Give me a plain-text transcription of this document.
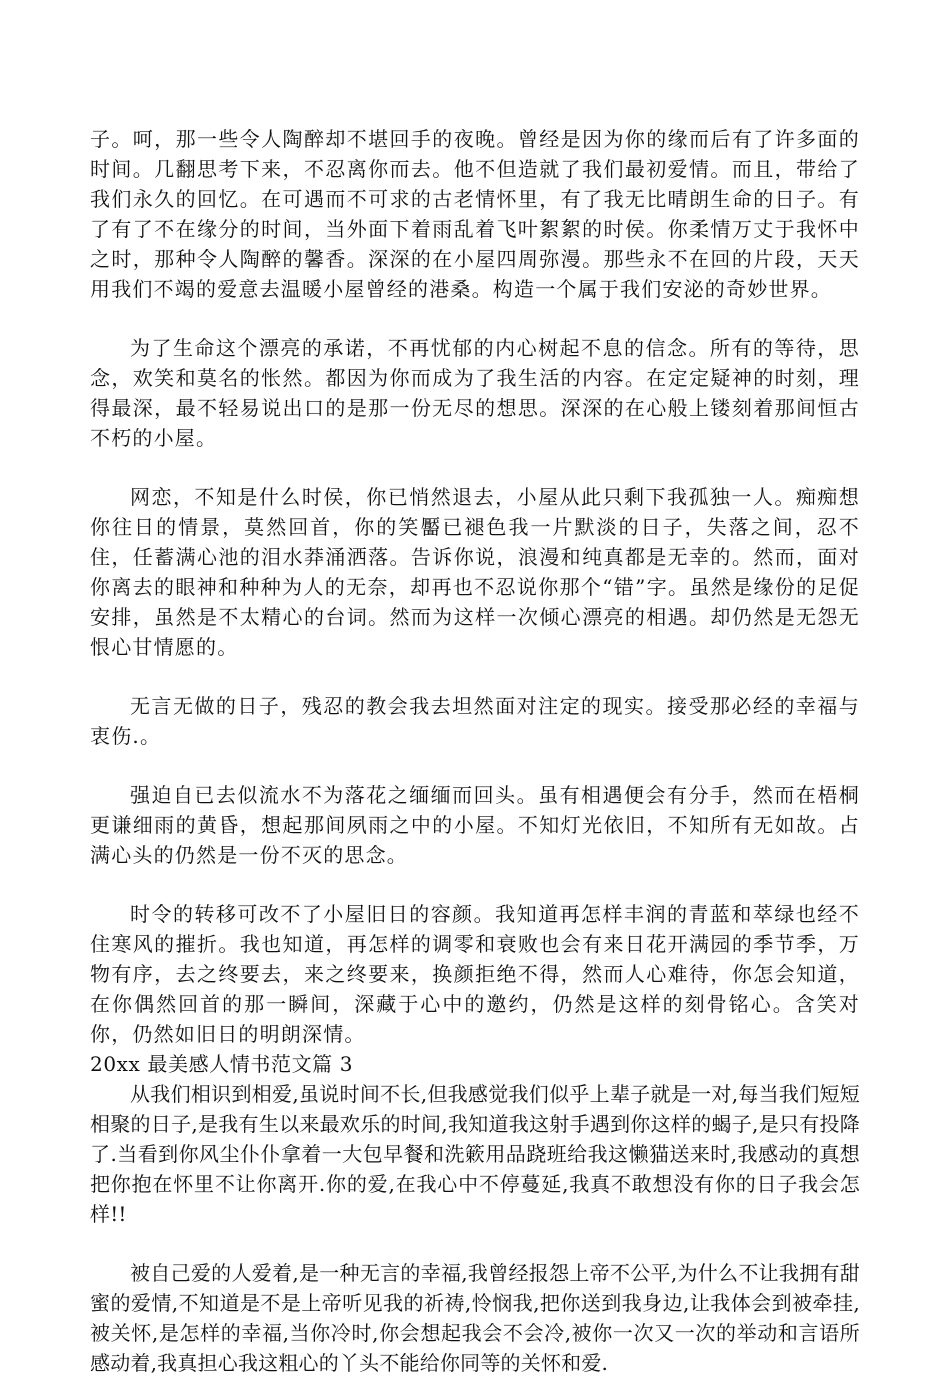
子。呵，那一些令人陶醉却不堪回手的夜晚。曾经是因为你的缘而后有了许多面的时间。几翻思考下来，不忍离你而去。他不但造就了我们最初爱情。而且，带给了我们永久的回忆。在可遇而不可求的古老情怀里，有了我无比晴朗生命的日子。有了有了不在缘分的时间，当外面下着雨乱着飞叶絮絮的时侯。你柔情万丈于我怀中之时，那种令人陶醉的馨香。深深的在小屋四周弥漫。那些永不在回的片段，天天用我们不竭的爱意去温暖小屋曾经的港桑。构造一个属于我们安泌的奇妙世界。

为了生命这个漂亮的承诺，不再忧郁的内心树起不息的信念。所有的等待，思念，欢笑和莫名的怅然。都因为你而成为了我生活的内容。在定定疑神的时刻，理得最深，最不轻易说出口的是那一份无尽的想思。深深的在心般上镂刻着那间恒古不朽的小屋。

网恋，不知是什么时侯，你已悄然退去，小屋从此只剩下我孤独一人。痴痴想你往日的情景，莫然回首，你的笑靨已褪色我一片默淡的日子，失落之间，忍不住，任蓄满心池的泪水莽涌洒落。告诉你说，浪漫和纯真都是无幸的。然而，面对你离去的眼神和种种为人的无奈，却再也不忍说你那个“错”字。虽然是缘份的足促安排，虽然是不太精心的台词。然而为这样一次倾心漂亮的相遇。却仍然是无怨无恨心甘情愿的。

无言无做的日子，残忍的教会我去坦然面对注定的现实。接受那必经的幸福与衷伤.。

强迫自已去似流水不为落花之缅缅而回头。虽有相遇便会有分手，然而在梧桐更谦细雨的黄昏，想起那间夙雨之中的小屋。不知灯光依旧，不知所有无如故。占满心头的仍然是一份不灭的思念。

时令的转移可改不了小屋旧日的容颜。我知道再怎样丰润的青蓝和萃绿也经不住寒风的摧折。我也知道，再怎样的调零和衰败也会有来日花开满园的季节季，万物有序，去之终要去，来之终要来，换颜拒绝不得，然而人心难待，你怎会知道，在你偶然回首的那一瞬间，深藏于心中的邀约，仍然是这样的刻骨铭心。含笑对你，仍然如旧日的明朗深情。

20xx 最美感人情书范文篇 3

从我们相识到相爱,虽说时间不长,但我感觉我们似乎上辈子就是一对,每当我们短短相聚的日子,是我有生以来最欢乐的时间,我知道我这射手遇到你这样的蝎子,是只有投降了.当看到你风尘仆仆拿着一大包早餐和洗簌用品跷班给我这懒猫送来时,我感动的真想把你抱在怀里不让你离开.你的爱,在我心中不停蔓延,我真不敢想没有你的日子我会怎样!!

被自己爱的人爱着,是一种无言的幸福,我曾经报怨上帝不公平,为什么不让我拥有甜蜜的爱情,不知道是不是上帝听见我的祈祷,怜悯我,把你送到我身边,让我体会到被牵挂,被关怀,是怎样的幸福,当你冷时,你会想起我会不会冷,被你一次又一次的举动和言语所感动着,我真担心我这粗心的丫头不能给你同等的关怀和爱.
